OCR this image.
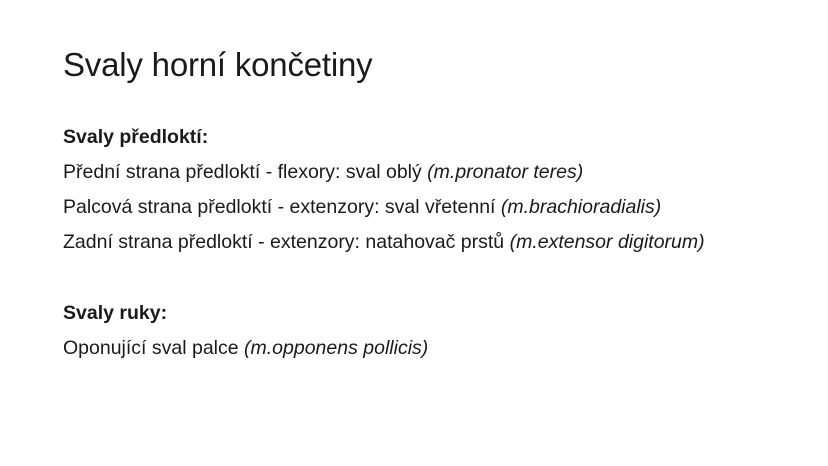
Svaly horní končetiny
Svaly předloktí:
Přední strana předloktí - flexory: sval oblý (m.pronator teres)
Palcová strana předloktí - extenzory: sval vřetenní (m.brachioradialis)
Zadní strana předloktí - extenzory: natahovač prstů (m.extensor digitorum)
Svaly ruky:
Oponující sval palce (m.opponens pollicis)
